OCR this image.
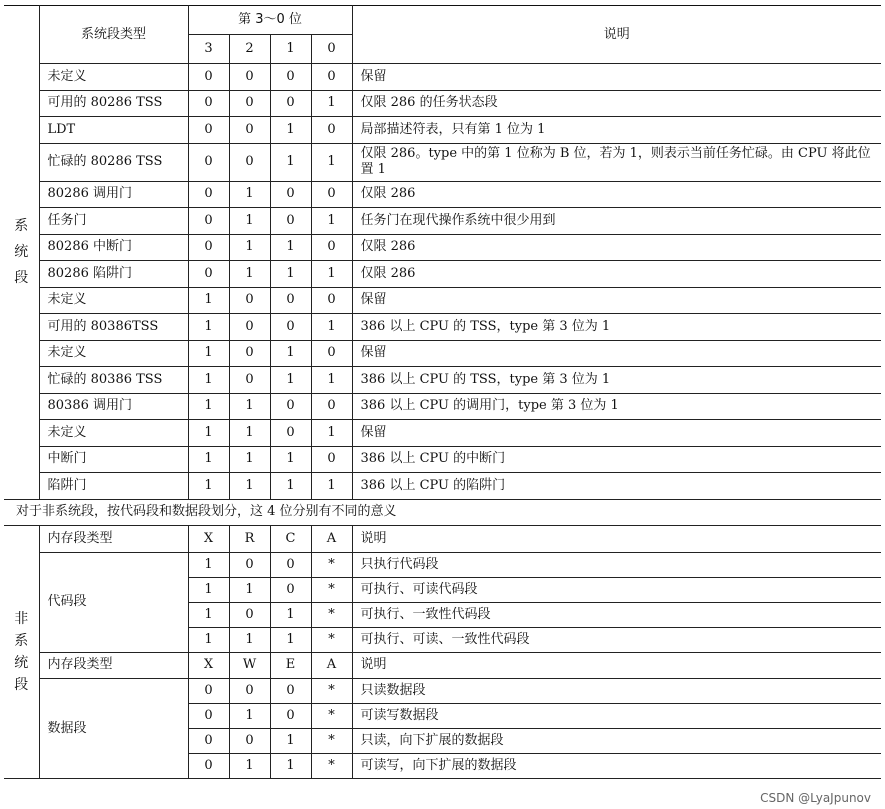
系
统
段	系统段类型	第 3～0 位				说明
		3	2	1	0	
	未定义	0	0	0	0	保留
	可用的 80286 TSS	0	0	0	1	仅限 286 的任务状态段
	LDT	0	0	1	0	局部描述符表，只有第 1 位为 1
	忙碌的 80286 TSS	0	0	1	1	仅限 286。type 中的第 1 位称为 B 位，若为 1，则表示当前任务忙碌。由 CPU 将此位置 1
	80286 调用门	0	1	0	0	仅限 286
	任务门	0	1	0	1	任务门在现代操作系统中很少用到
	80286 中断门	0	1	1	0	仅限 286
	80286 陷阱门	0	1	1	1	仅限 286
	未定义	1	0	0	0	保留
	可用的 80386TSS	1	0	0	1	386 以上 CPU 的 TSS，type 第 3 位为 1
	未定义	1	0	1	0	保留
	忙碌的 80386 TSS	1	0	1	1	386 以上 CPU 的 TSS，type 第 3 位为 1
	80386 调用门	1	1	0	0	386 以上 CPU 的调用门，type 第 3 位为 1
	未定义	1	1	0	1	保留
	中断门	1	1	1	0	386 以上 CPU 的中断门
	陷阱门	1	1	1	1	386 以上 CPU 的陷阱门
对于非系统段，按代码段和数据段划分，这 4 位分别有不同的意义						

非
系
统
段	内存段类型	X	R	C	A	说明
	代码段	1	0	0	*	只执行代码段
		1	1	0	*	可执行、可读代码段
		1	0	1	*	可执行、一致性代码段
		1	1	1	*	可执行、可读、一致性代码段
	内存段类型	X	W	E	A	说明
	数据段	0	0	0	*	只读数据段
		0	1	0	*	可读写数据段
		0	0	1	*	只读，向下扩展的数据段
		0	1	1	*	可读写，向下扩展的数据段
CSDN @LyaJpunov
